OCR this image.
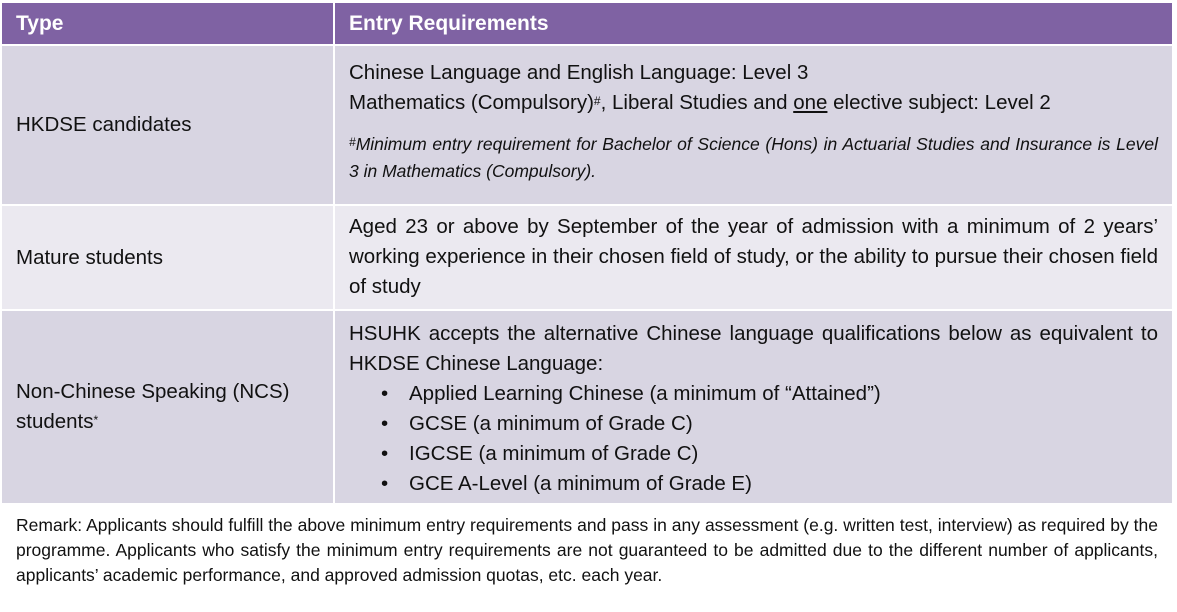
Type	Entry Requirements
HKDSE candidates
Chinese Language and English Language: Level 3
Mathematics (Compulsory)#, Liberal Studies and one elective subject: Level 2
#Minimum entry requirement for Bachelor of Science (Hons) in Actuarial Studies and Insurance is Level 3 in Mathematics (Compulsory).
Mature students
Aged 23 or above by September of the year of admission with a minimum of 2 years’ working experience in their chosen field of study, or the ability to pursue their chosen field of study
Non-Chinese Speaking (NCS) students*
HSUHK accepts the alternative Chinese language qualifications below as equivalent to HKDSE Chinese Language:
• Applied Learning Chinese (a minimum of “Attained”)
• GCSE (a minimum of Grade C)
• IGCSE (a minimum of Grade C)
• GCE A-Level (a minimum of Grade E)
Remark: Applicants should fulfill the above minimum entry requirements and pass in any assessment (e.g. written test, interview) as required by the programme. Applicants who satisfy the minimum entry requirements are not guaranteed to be admitted due to the different number of applicants, applicants’ academic performance, and approved admission quotas, etc. each year.
